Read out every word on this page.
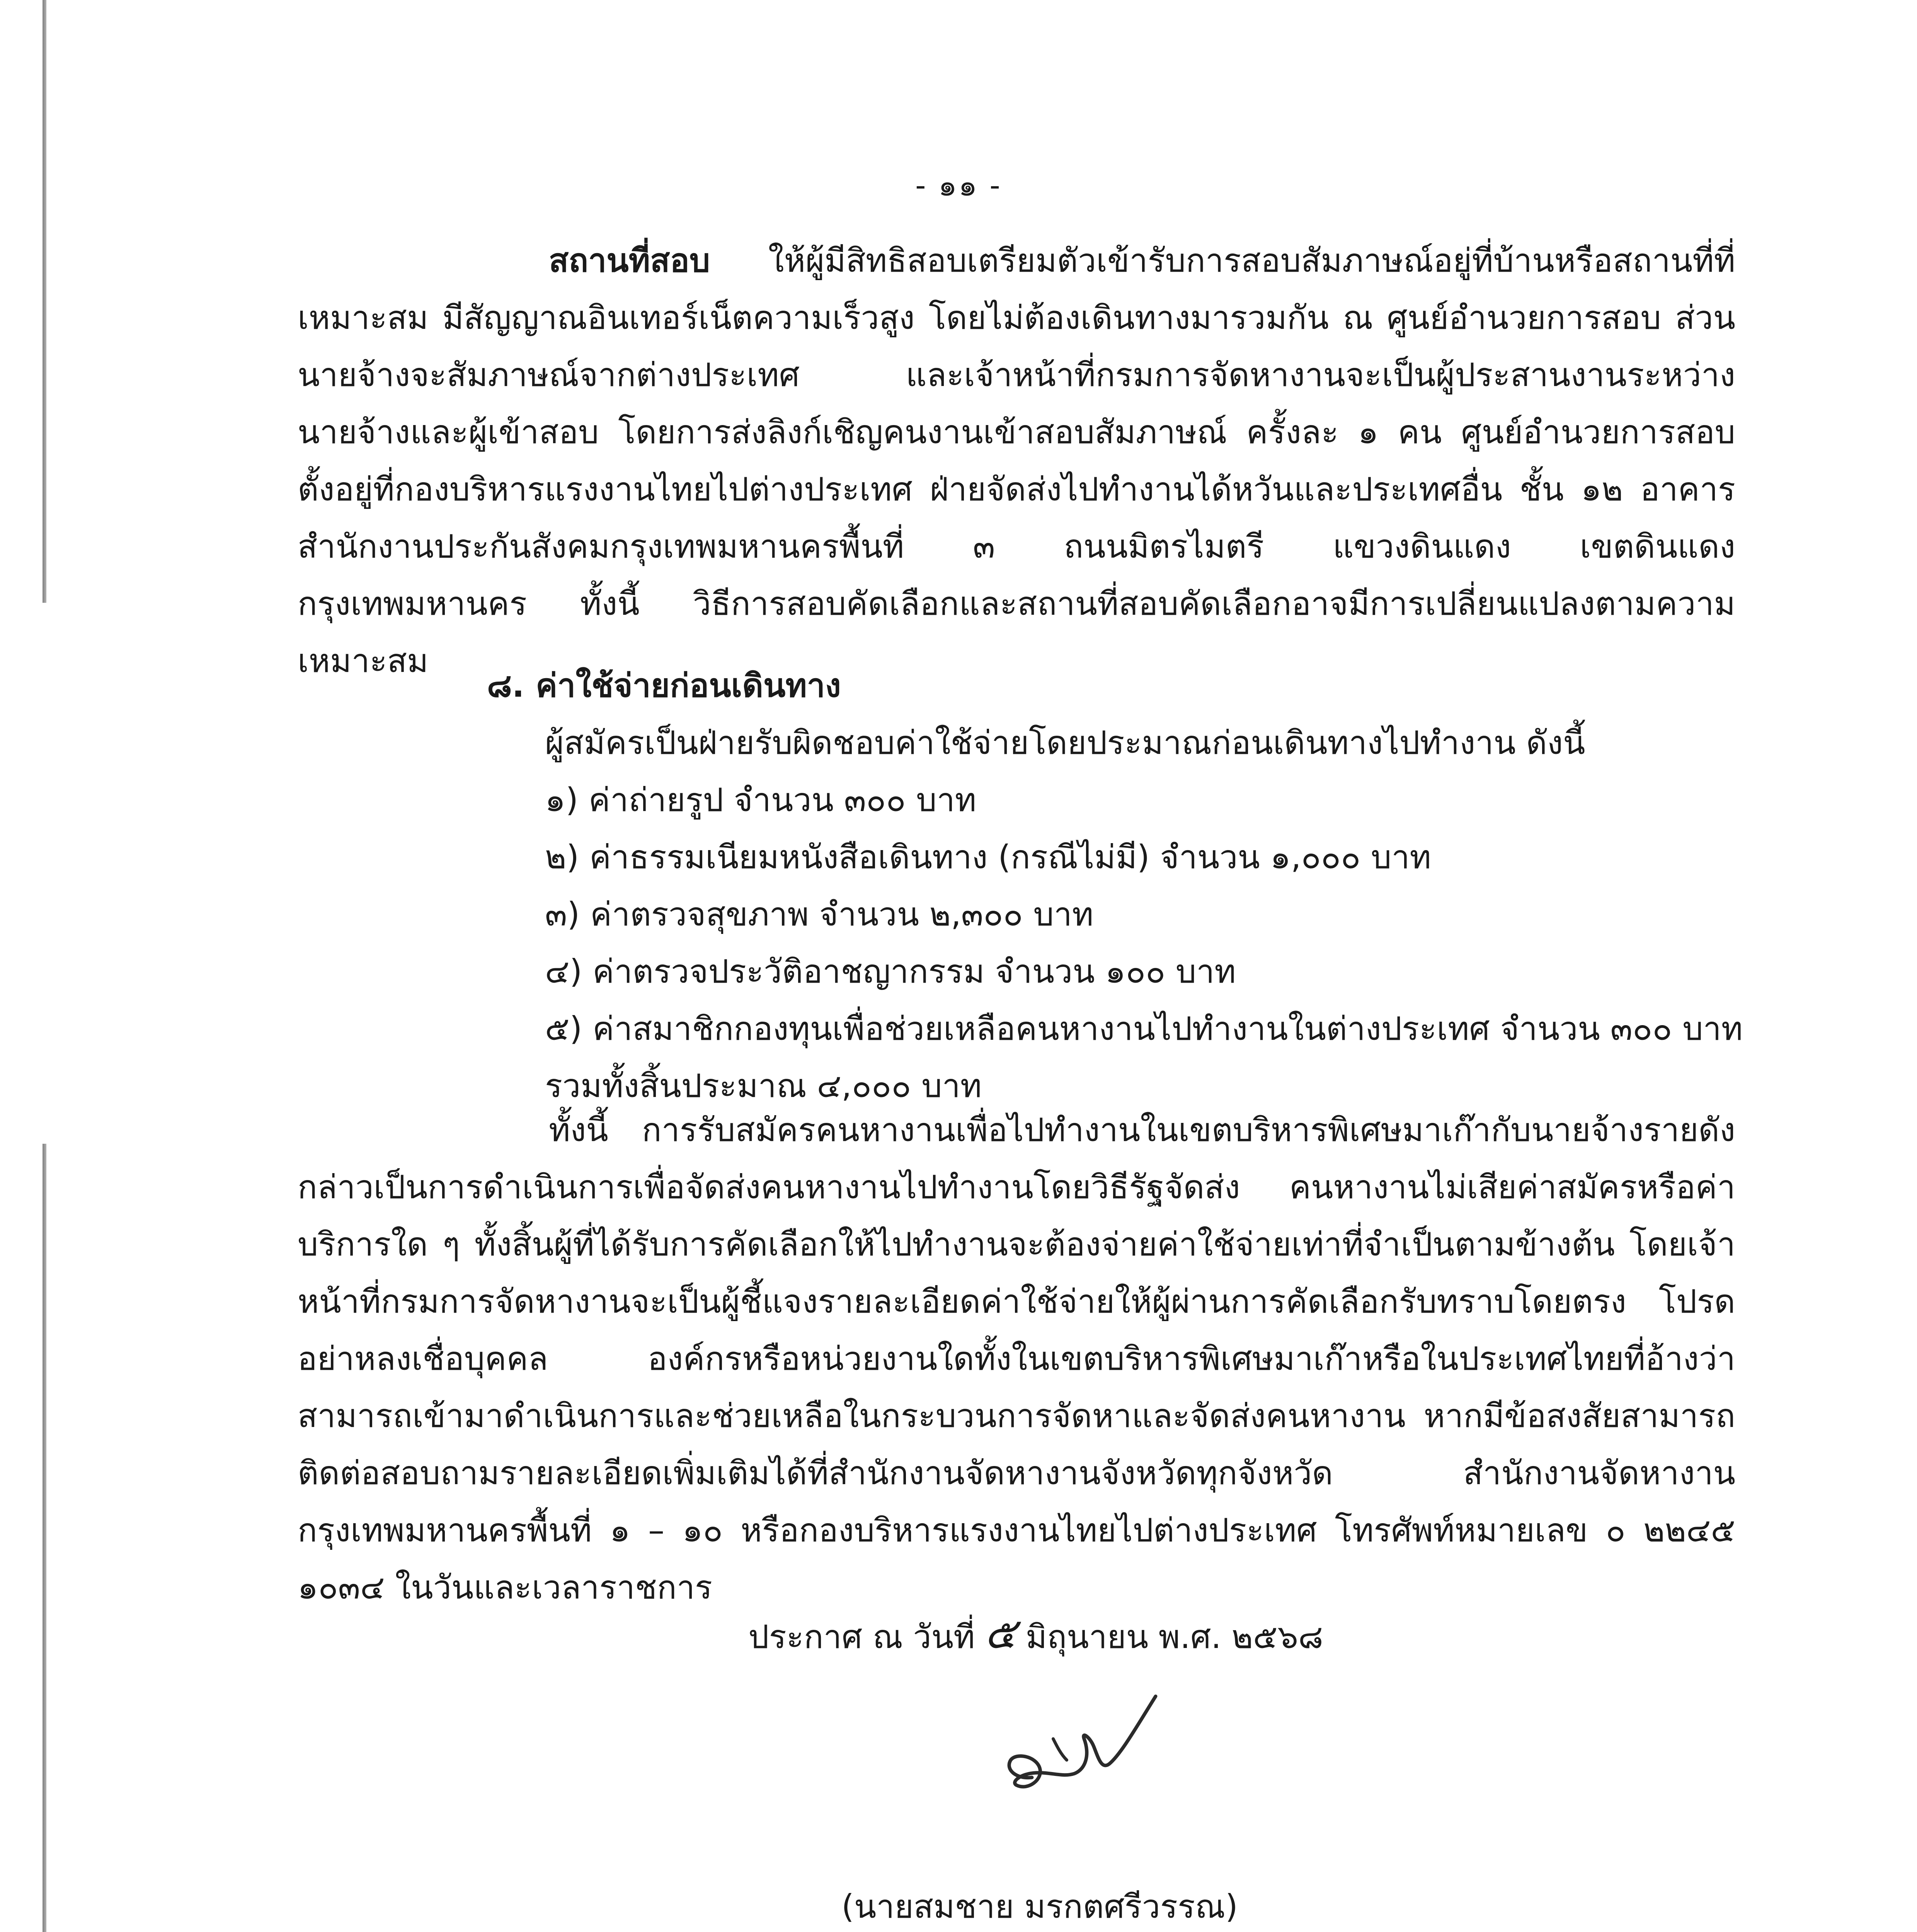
- ๑๑ -

สถานที่สอบ ให้ผู้มีสิทธิสอบเตรียมตัวเข้ารับการสอบสัมภาษณ์อยู่ที่บ้านหรือสถานที่ที่เหมาะสม มีสัญญาณอินเทอร์เน็ตความเร็วสูง โดยไม่ต้องเดินทางมารวมกัน ณ ศูนย์อำนวยการสอบ ส่วนนายจ้างจะสัมภาษณ์จากต่างประเทศ และเจ้าหน้าที่กรมการจัดหางานจะเป็นผู้ประสานงานระหว่างนายจ้างและผู้เข้าสอบ โดยการส่งลิงก์เชิญคนงานเข้าสอบสัมภาษณ์ ครั้งละ ๑ คน ศูนย์อำนวยการสอบ ตั้งอยู่ที่กองบริหารแรงงานไทยไปต่างประเทศ ฝ่ายจัดส่งไปทำงานได้หวันและประเทศอื่น ชั้น ๑๒ อาคารสำนักงานประกันสังคมกรุงเทพมหานครพื้นที่ ๓ ถนนมิตรไมตรี แขวงดินแดง เขตดินแดง กรุงเทพมหานคร ทั้งนี้ วิธีการสอบคัดเลือกและสถานที่สอบคัดเลือกอาจมีการเปลี่ยนแปลงตามความเหมาะสม

๘. ค่าใช้จ่ายก่อนเดินทาง
ผู้สมัครเป็นฝ่ายรับผิดชอบค่าใช้จ่ายโดยประมาณก่อนเดินทางไปทำงาน ดังนี้
๑) ค่าถ่ายรูป จำนวน ๓๐๐ บาท
๒) ค่าธรรมเนียมหนังสือเดินทาง (กรณีไม่มี) จำนวน ๑,๐๐๐ บาท
๓) ค่าตรวจสุขภาพ จำนวน ๒,๓๐๐ บาท
๔) ค่าตรวจประวัติอาชญากรรม จำนวน ๑๐๐ บาท
๕) ค่าสมาชิกกองทุนเพื่อช่วยเหลือคนหางานไปทำงานในต่างประเทศ จำนวน ๓๐๐ บาท
รวมทั้งสิ้นประมาณ ๔,๐๐๐ บาท

ทั้งนี้ การรับสมัครคนหางานเพื่อไปทำงานในเขตบริหารพิเศษมาเก๊ากับนายจ้างรายดังกล่าวเป็นการดำเนินการเพื่อจัดส่งคนหางานไปทำงานโดยวิธีรัฐจัดส่ง คนหางานไม่เสียค่าสมัครหรือค่าบริการใด ๆ ทั้งสิ้นผู้ที่ได้รับการคัดเลือกให้ไปทำงานจะต้องจ่ายค่าใช้จ่ายเท่าที่จำเป็นตามข้างต้น โดยเจ้าหน้าที่กรมการจัดหางานจะเป็นผู้ชี้แจงรายละเอียดค่าใช้จ่ายให้ผู้ผ่านการคัดเลือกรับทราบโดยตรง โปรดอย่าหลงเชื่อบุคคล องค์กรหรือหน่วยงานใดทั้งในเขตบริหารพิเศษมาเก๊าหรือในประเทศไทยที่อ้างว่าสามารถเข้ามาดำเนินการและช่วยเหลือในกระบวนการจัดหาและจัดส่งคนหางาน หากมีข้อสงสัยสามารถติดต่อสอบถามรายละเอียดเพิ่มเติมได้ที่สำนักงานจัดหางานจังหวัดทุกจังหวัด สำนักงานจัดหางานกรุงเทพมหานครพื้นที่ ๑ – ๑๐ หรือกองบริหารแรงงานไทยไปต่างประเทศ โทรศัพท์หมายเลข ๐ ๒๒๔๕ ๑๐๓๔ ในวันและเวลาราชการ

ประกาศ ณ วันที่ ๕ มิถุนายน พ.ศ. ๒๕๖๘
(นายสมชาย มรกตศรีวรรณ)
